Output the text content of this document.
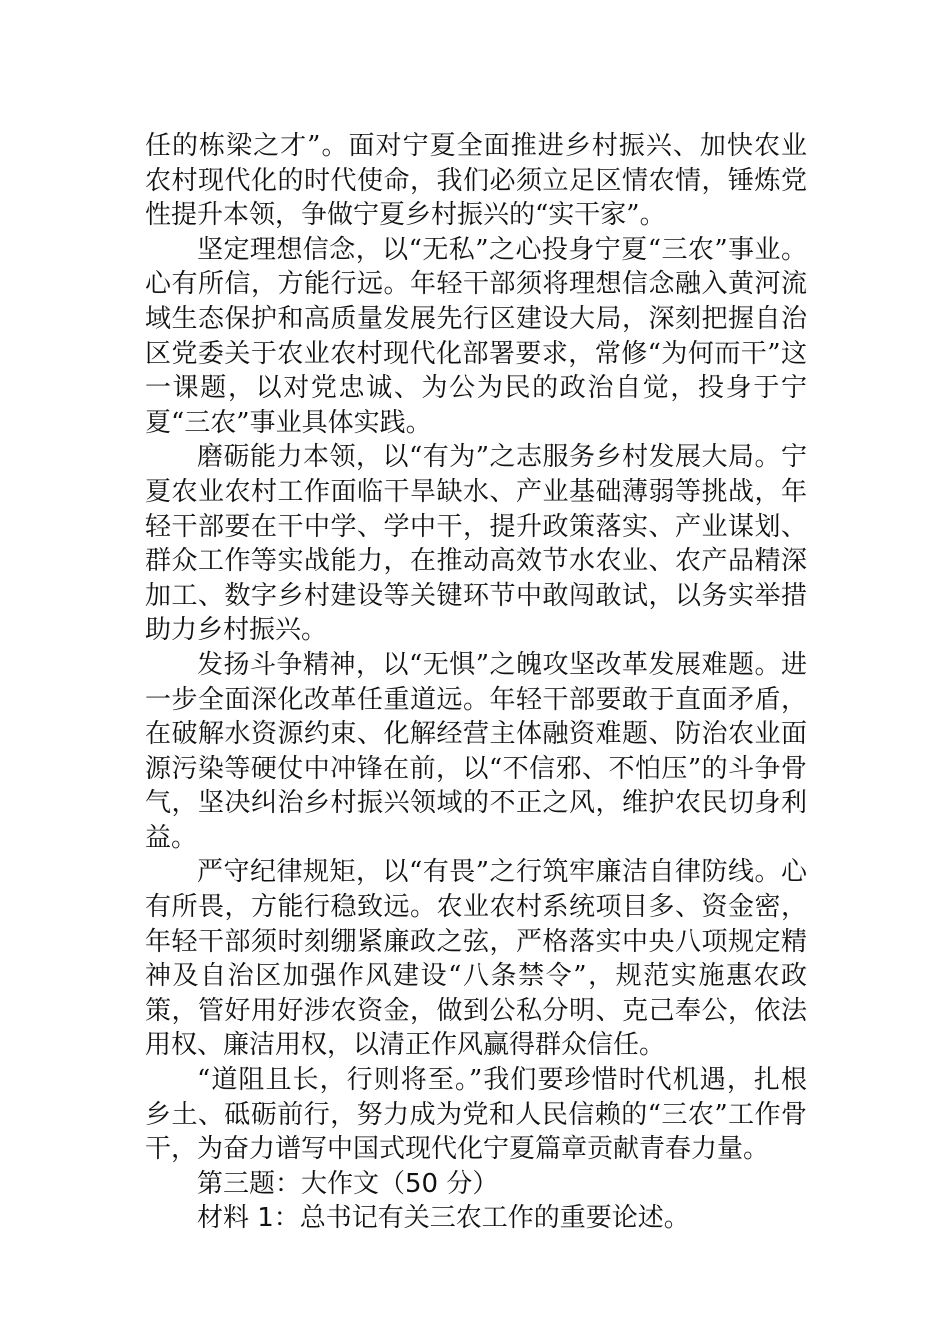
任的栋梁之才”。面对宁夏全面推进乡村振兴、加快农业农村现代化的时代使命，我们必须立足区情农情，锤炼党性提升本领，争做宁夏乡村振兴的“实干家”。

坚定理想信念，以“无私”之心投身宁夏“三农”事业。心有所信，方能行远。年轻干部须将理想信念融入黄河流域生态保护和高质量发展先行区建设大局，深刻把握自治区党委关于农业农村现代化部署要求，常修“为何而干”这一课题，以对党忠诚、为公为民的政治自觉，投身于宁夏“三农”事业具体实践。

磨砺能力本领，以“有为”之志服务乡村发展大局。宁夏农业农村工作面临干旱缺水、产业基础薄弱等挑战，年轻干部要在干中学、学中干，提升政策落实、产业谋划、群众工作等实战能力，在推动高效节水农业、农产品精深加工、数字乡村建设等关键环节中敢闯敢试，以务实举措助力乡村振兴。

发扬斗争精神，以“无惧”之魄攻坚改革发展难题。进一步全面深化改革任重道远。年轻干部要敢于直面矛盾，在破解水资源约束、化解经营主体融资难题、防治农业面源污染等硬仗中冲锋在前，以“不信邪、不怕压”的斗争骨气，坚决纠治乡村振兴领域的不正之风，维护农民切身利益。

严守纪律规矩，以“有畏”之行筑牢廉洁自律防线。心有所畏，方能行稳致远。农业农村系统项目多、资金密，年轻干部须时刻绷紧廉政之弦，严格落实中央八项规定精神及自治区加强作风建设“八条禁令”，规范实施惠农政策，管好用好涉农资金，做到公私分明、克己奉公，依法用权、廉洁用权，以清正作风赢得群众信任。

“道阻且长，行则将至。”我们要珍惜时代机遇，扎根乡土、砥砺前行，努力成为党和人民信赖的“三农”工作骨干，为奋力谱写中国式现代化宁夏篇章贡献青春力量。

第三题：大作文（50 分）

材料 1：总书记有关三农工作的重要论述。
